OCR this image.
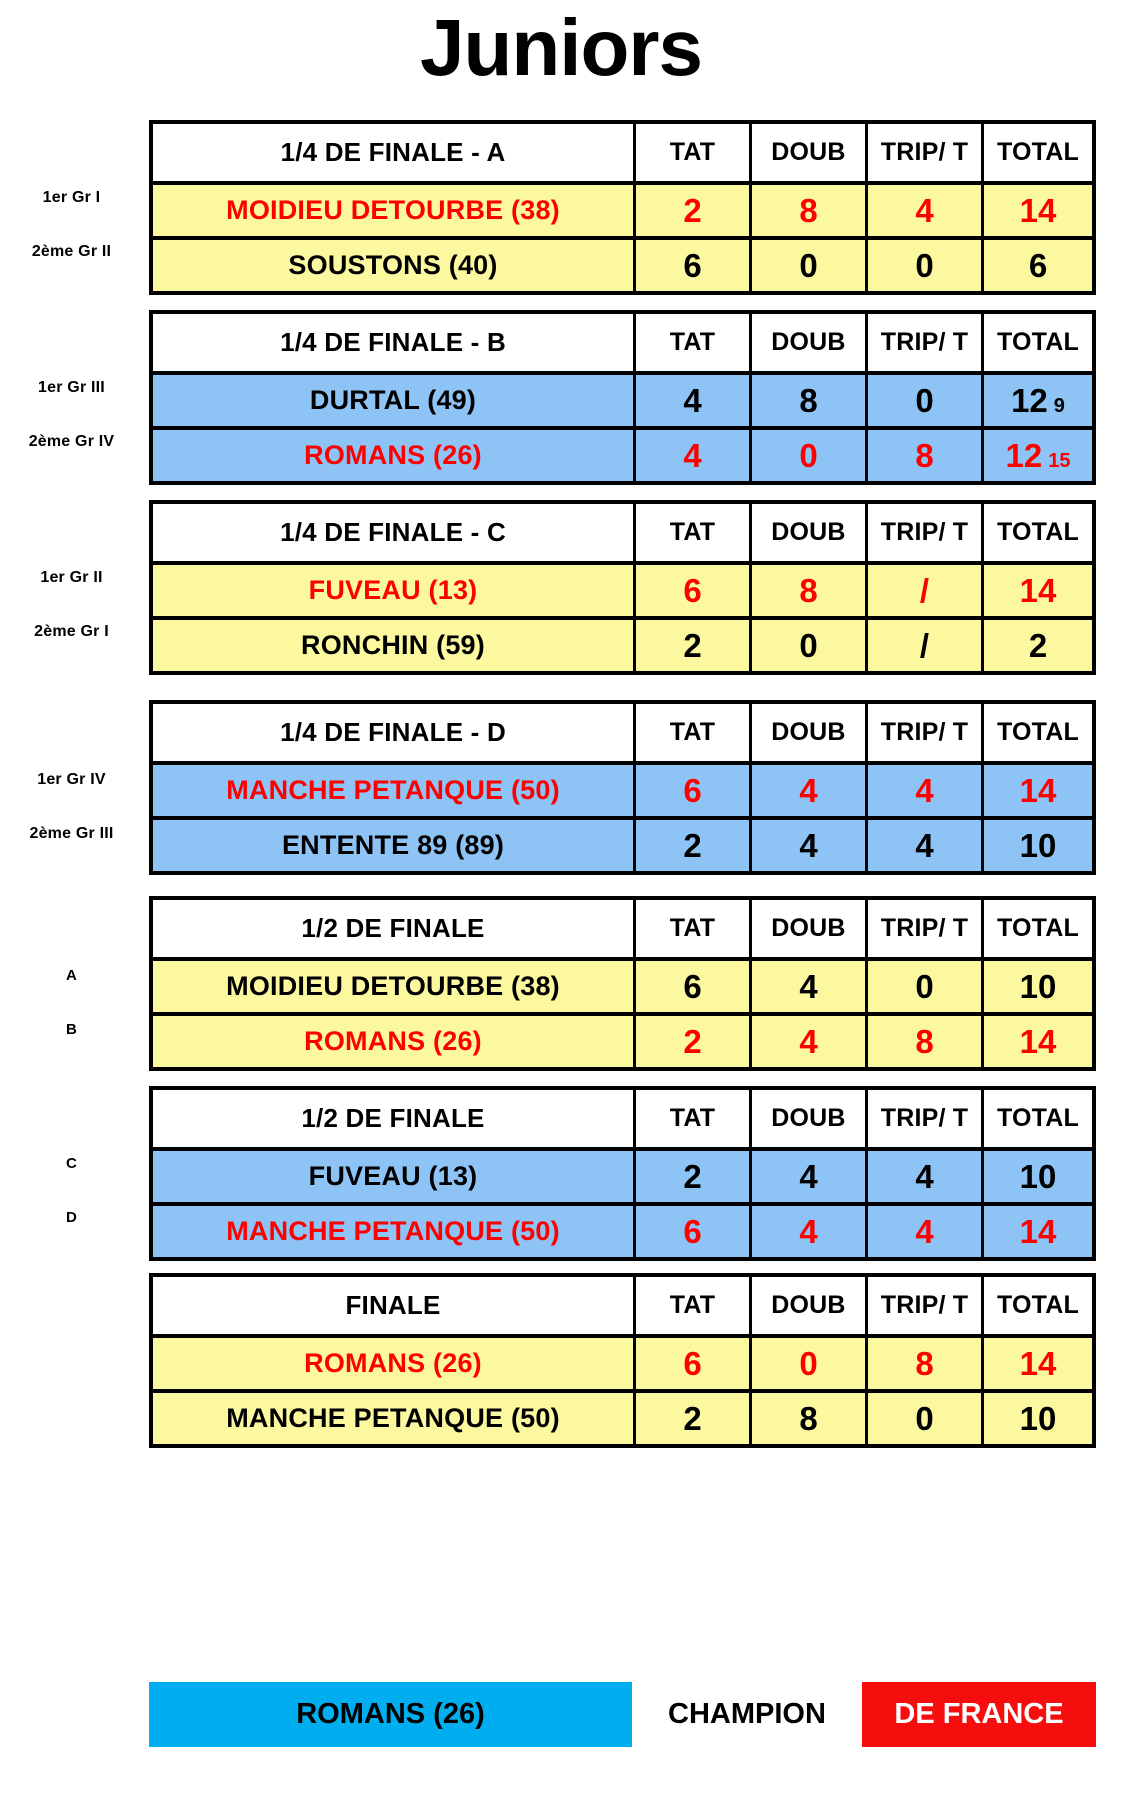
Juniors
1/4 DE FINALE - A	TAT	DOUB	TRIP/ T	TOTAL
MOIDIEU DETOURBE (38)	2	8	4	14
SOUSTONS (40)	6	0	0	6
1/4 DE FINALE - B	TAT	DOUB	TRIP/ T	TOTAL
DURTAL (49)	4	8	0	12 9
ROMANS (26)	4	0	8	12 15
1/4 DE FINALE - C	TAT	DOUB	TRIP/ T	TOTAL
FUVEAU (13)	6	8	/	14
RONCHIN (59)	2	0	/	2
1/4 DE FINALE - D	TAT	DOUB	TRIP/ T	TOTAL
MANCHE PETANQUE (50)	6	4	4	14
ENTENTE 89 (89)	2	4	4	10
1/2 DE FINALE	TAT	DOUB	TRIP/ T	TOTAL
MOIDIEU DETOURBE (38)	6	4	0	10
ROMANS (26)	2	4	8	14
1/2 DE FINALE	TAT	DOUB	TRIP/ T	TOTAL
FUVEAU (13)	2	4	4	10
MANCHE PETANQUE (50)	6	4	4	14
FINALE	TAT	DOUB	TRIP/ T	TOTAL
ROMANS (26)	6	0	8	14
MANCHE PETANQUE (50)	2	8	0	10
ROMANS (26)	CHAMPION	DE FRANCE
1er Gr I
2ème Gr II
1er Gr III
2ème Gr IV
1er Gr II
2ème Gr I
1er Gr IV
2ème Gr III
A
B
C
D
